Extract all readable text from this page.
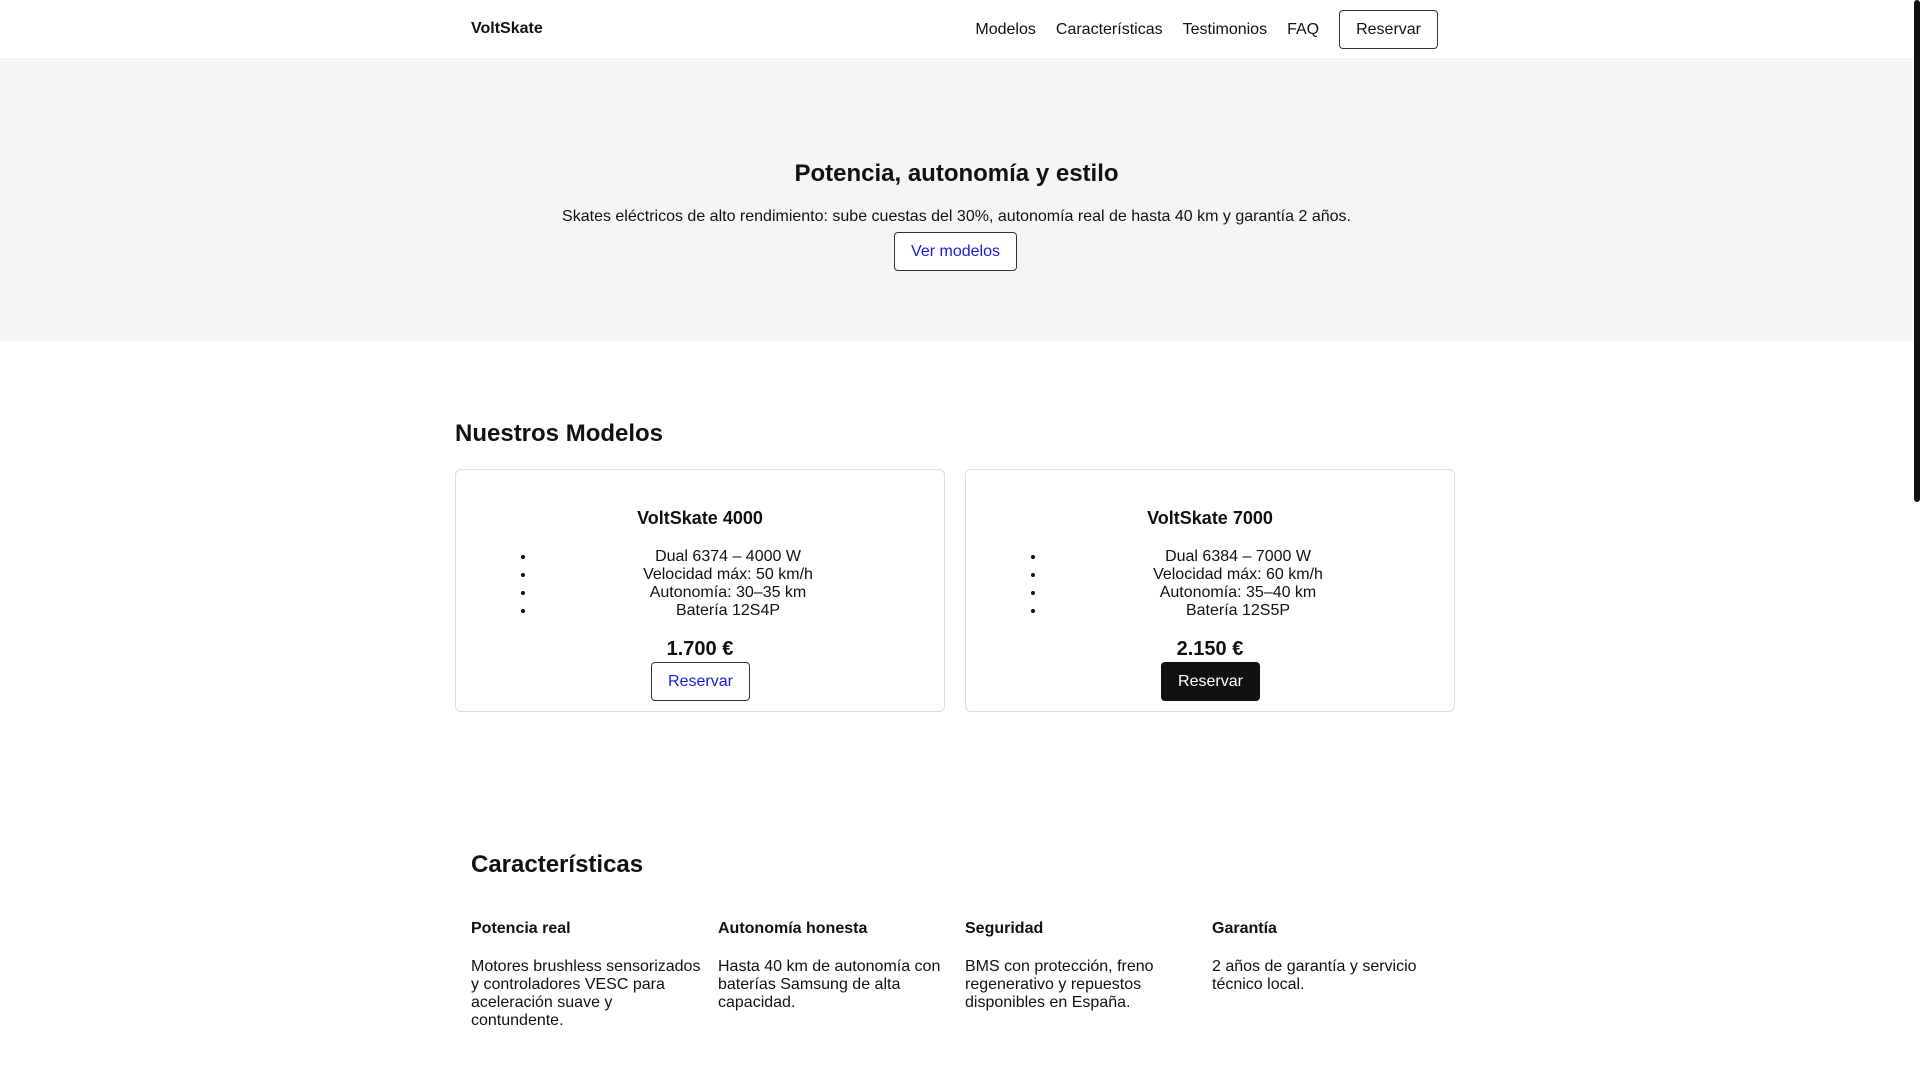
VoltSkate	Modelos Características Testimonios FAQ	Reservar
Potencia, autonomía y estilo

Skates eléctricos de alto rendimiento: sube cuestas del 30%, autonomía real de hasta 40 km y garantía 2 años.

Ver modelos
Nuestros Modelos
VoltSkate 4000
• Dual 6374 – 4000 W
• Velocidad máx: 50 km/h
• Autonomía: 30–35 km
• Batería 12S4P
1.700 €
Reservar
VoltSkate 7000
• Dual 6384 – 7000 W
• Velocidad máx: 60 km/h
• Autonomía: 35–40 km
• Batería 12S5P
2.150 €
Reservar
Características
Potencia real

Motores brushless sensorizados y controladores VESC para aceleración suave y contundente.

Autonomía honesta

Hasta 40 km de autonomía con baterías Samsung de alta capacidad.

Seguridad

BMS con protección, freno regenerativo y repuestos disponibles en España.

Garantía

2 años de garantía y servicio técnico local.
